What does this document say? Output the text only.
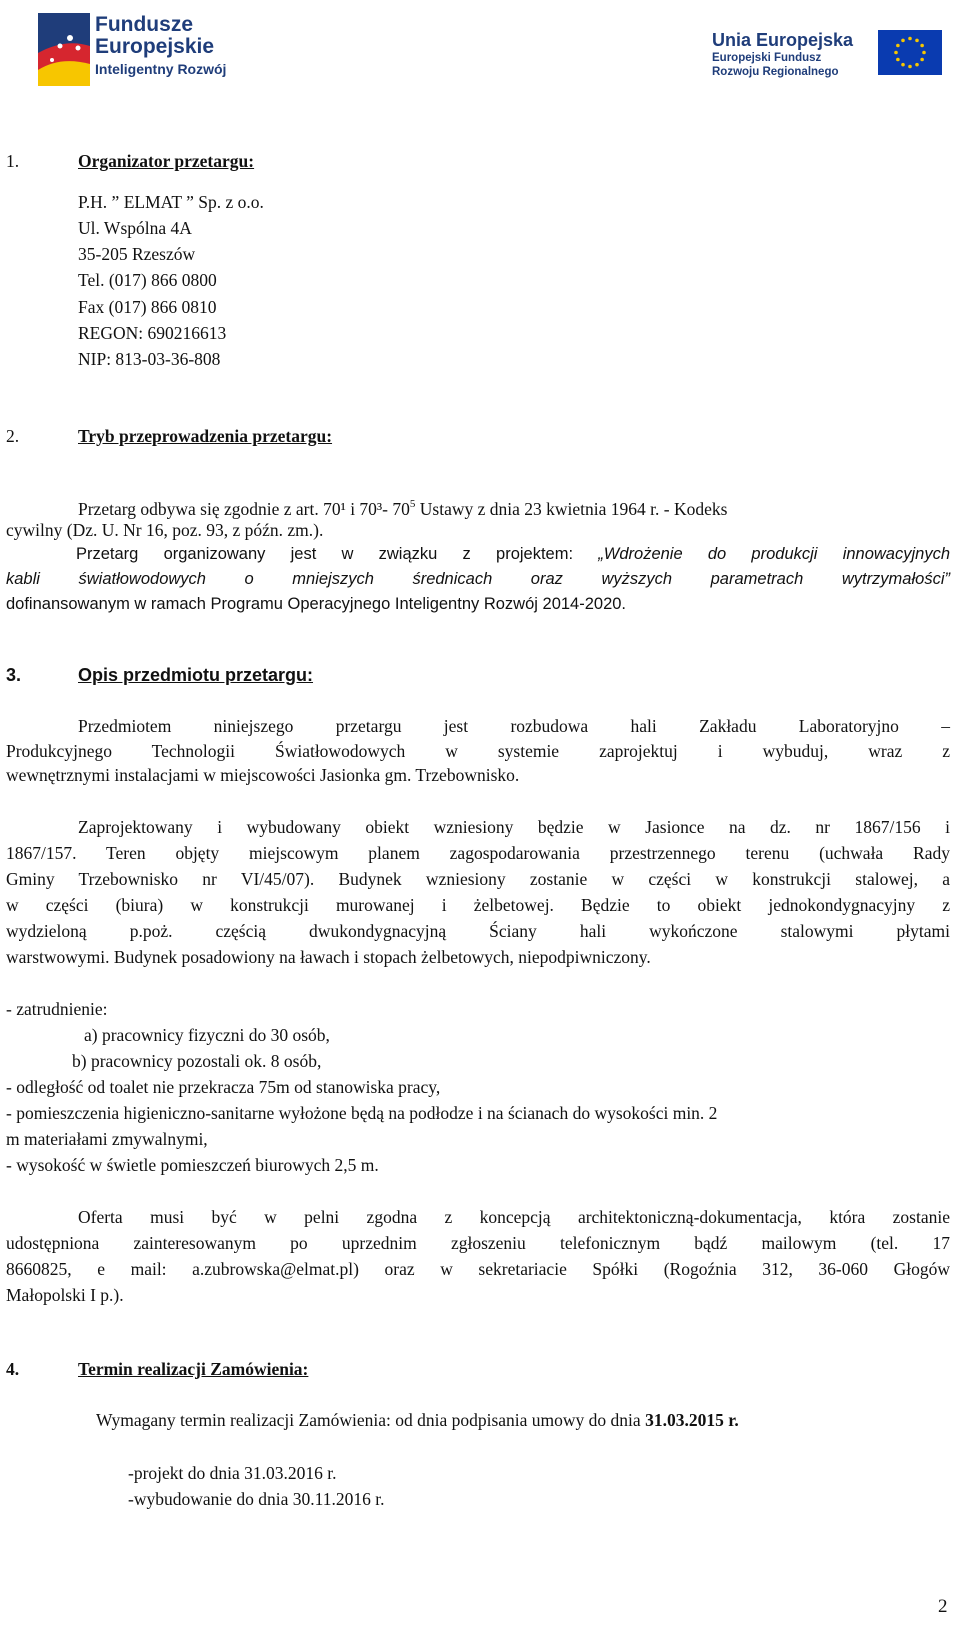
Fundusze
Europejskie
Inteligentny Rozwój
Unia Europejska
Europejski Fundusz
Rozwoju Regionalnego
1.	Organizator przetargu:
P.H. ” ELMAT ” Sp. z o.o.
Ul. Wspólna 4A
35-205 Rzeszów
Tel. (017) 866 0800
Fax (017) 866 0810
REGON: 690216613
NIP: 813-03-36-808
2.	Tryb przeprowadzenia przetargu:
Przetarg odbywa się zgodnie z art. 70¹ i 70³- $70^5$ Ustawy z dnia 23 kwietnia 1964 r. - Kodeks
cywilny (Dz. U. Nr 16, poz. 93, z późn. zm.).
Przetarg organizowany jest w związku z projektem: „Wdrożenie do produkcji innowacyjnych
kabli światłowodowych o mniejszych średnicach oraz wyższych parametrach wytrzymałości”
dofinansowanym w ramach Programu Operacyjnego Inteligentny Rozwój 2014-2020.
3.	Opis przedmiotu przetargu:
Przedmiotem niniejszego przetargu jest rozbudowa hali Zakładu Laboratoryjno –
Produkcyjnego Technologii Światłowodowych w systemie zaprojektuj i wybuduj, wraz z
wewnętrznymi instalacjami w miejscowości Jasionka gm. Trzebownisko.
Zaprojektowany i wybudowany obiekt wzniesiony będzie w Jasionce na dz. nr 1867/156 i
1867/157. Teren objęty miejscowym planem zagospodarowania przestrzennego terenu (uchwała Rady
Gminy Trzebownisko nr VI/45/07). Budynek wzniesiony zostanie w części w konstrukcji stalowej, a
w części (biura) w konstrukcji murowanej i żelbetowej. Będzie to obiekt jednokondygnacyjny z
wydzieloną p.poż. częścią dwukondygnacyjną Ściany hali wykończone stalowymi płytami
warstwowymi. Budynek posadowiony na ławach i stopach żelbetowych, niepodpiwniczony.
- zatrudnienie:
a) pracownicy fizyczni do 30 osób,
b) pracownicy pozostali ok. 8 osób,
- odległość od toalet nie przekracza 75m od stanowiska pracy,
- pomieszczenia higieniczno-sanitarne wyłożone będą na podłodze i na ścianach do wysokości min. 2
m materiałami zmywalnymi,
- wysokość w świetle pomieszczeń biurowych 2,5 m.
Oferta musi być w pelni zgodna z koncepcją architektoniczną-dokumentacja, która zostanie
udostępniona zainteresowanym po uprzednim zgłoszeniu telefonicznym bądź mailowym (tel. 17
8660825, e mail: a.zubrowska@elmat.pl) oraz w sekretariacie Spółki (Rogoźnia 312, 36-060 Głogów
Małopolski I p.).
4.	Termin realizacji Zamówienia:
Wymagany termin realizacji Zamówienia: od dnia podpisania umowy do dnia 31.03.2015 r.
-projekt do dnia 31.03.2016 r.
-wybudowanie do dnia 30.11.2016 r.
2
